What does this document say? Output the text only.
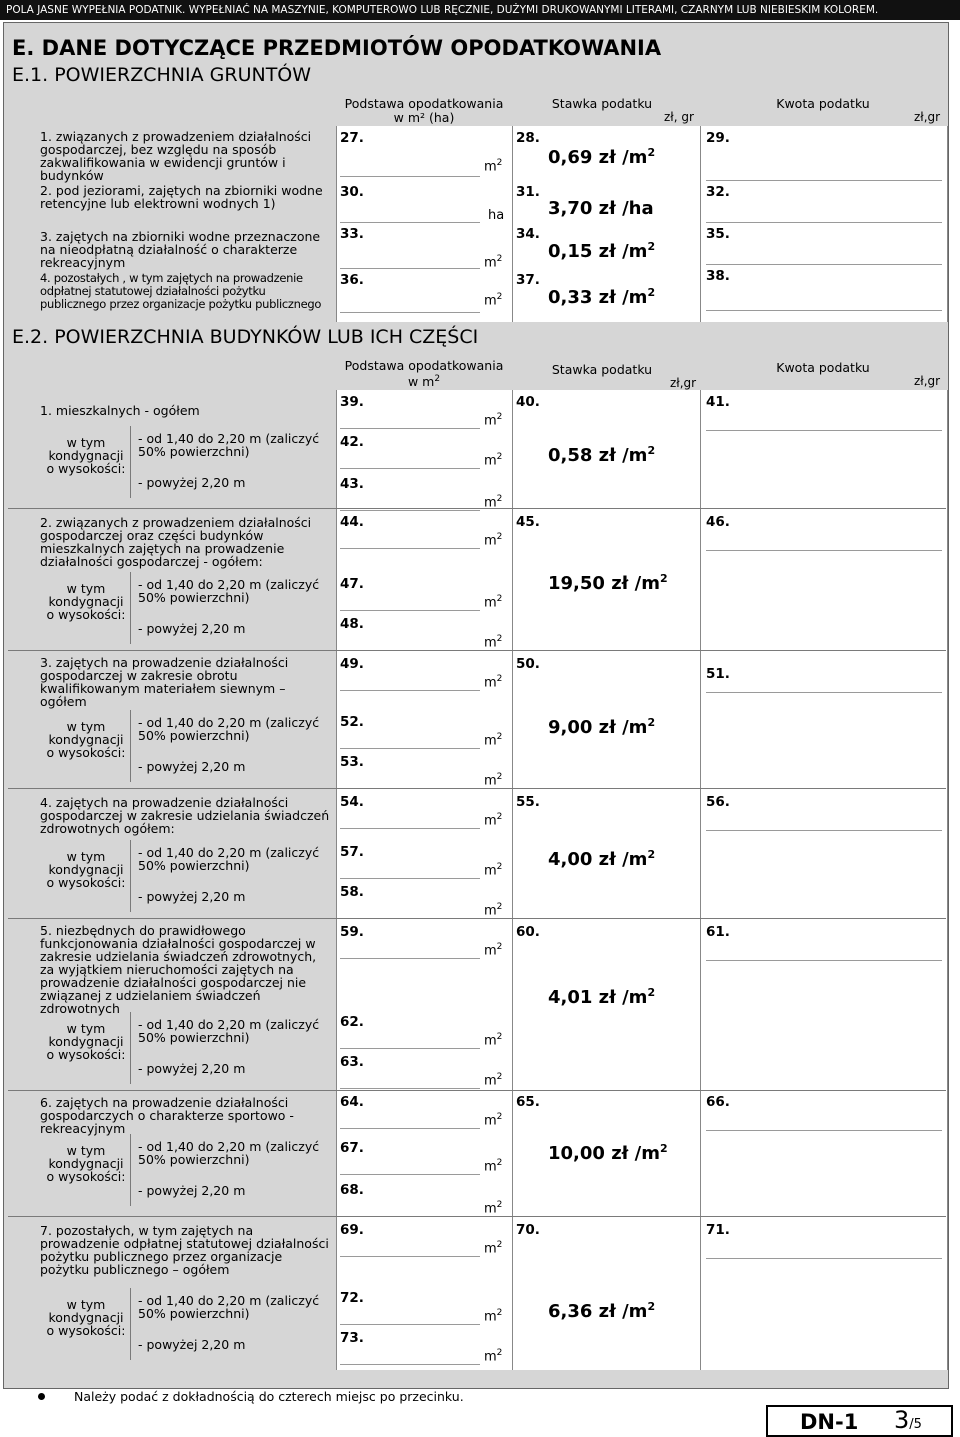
POLA JASNE WYPEŁNIA PODATNIK. WYPEŁNIAĆ NA MASZYNIE, KOMPUTEROWO LUB RĘCZNIE, DUŻYMI DRUKOWANYMI LITERAMI, CZARNYM LUB NIEBIESKIM KOLOREM.
E. DANE DOTYCZĄCE PRZEDMIOTÓW OPODATKOWANIA
E.1. POWIERZCHNIA GRUNTÓW
Podstawa opodatkowania
w m² (ha)
Stawka podatku
zł, gr
Kwota podatku
zł,gr
1. związanych z prowadzeniem działalności gospodarczej, bez względu na sposób zakwalifikowania w ewidencji gruntów i budynków
27.
$m^2$
28.
0,69 zł $/m^2$
29.
2. pod jeziorami, zajętych na zbiorniki wodne retencyjne lub elektrowni wodnych 1)
30.
ha
31.
3,70 zł /ha
32.
3. zajętych na zbiorniki wodne przeznaczone na nieodpłatną działalność o charakterze rekreacyjnym
33.
$m^2$
34.
0,15 zł $/m^2$
35.
4. pozostałych , w tym zajętych na prowadzenie odpłatnej statutowej działalności pożytku publicznego przez organizacje pożytku publicznego
36.
$m^2$
37.
0,33 zł $/m^2$
38.
E.2. POWIERZCHNIA BUDYNKÓW LUB ICH CZĘŚCI
Podstawa opodatkowania
w $m^2$
Stawka podatku
zł,gr
Kwota podatku
zł,gr
1. mieszkalnych - ogółem
w tym kondygnacji o wysokości:
- od 1,40 do 2,20 m (zaliczyć 50% powierzchni)
- powyżej 2,20 m
39.
$m^2$
42.
$m^2$
43.
$m^2$
40.
0,58 zł $/m^2$
41.
2. związanych z prowadzeniem działalności gospodarczej oraz części budynków mieszkalnych zajętych na prowadzenie działalności gospodarczej - ogółem:
w tym kondygnacji o wysokości:
- od 1,40 do 2,20 m (zaliczyć 50% powierzchni)
- powyżej 2,20 m
44.
$m^2$
47.
$m^2$
48.
$m^2$
45.
19,50 zł $/m^2$
46.
3. zajętych na prowadzenie działalności gospodarczej w zakresie obrotu kwalifikowanym materiałem siewnym – ogółem
w tym kondygnacji o wysokości:
- od 1,40 do 2,20 m (zaliczyć 50% powierzchni)
- powyżej 2,20 m
49.
$m^2$
52.
$m^2$
53.
$m^2$
50.
9,00 zł $/m^2$
51.
4. zajętych na prowadzenie działalności gospodarczej w zakresie udzielania świadczeń zdrowotnych ogółem:
w tym kondygnacji o wysokości:
- od 1,40 do 2,20 m (zaliczyć 50% powierzchni)
- powyżej 2,20 m
54.
$m^2$
57.
$m^2$
58.
$m^2$
55.
4,00 zł $/m^2$
56.
5. niezbędnych do prawidłowego funkcjonowania działalności gospodarczej w zakresie udzielania świadczeń zdrowotnych, za wyjątkiem nieruchomości zajętych na prowadzenie działalności gospodarczej nie związanej z udzielaniem świadczeń zdrowotnych
w tym kondygnacji o wysokości:
- od 1,40 do 2,20 m (zaliczyć 50% powierzchni)
- powyżej 2,20 m
59.
$m^2$
62.
$m^2$
63.
$m^2$
60.
4,01 zł $/m^2$
61.
6. zajętych na prowadzenie działalności gospodarczych o charakterze sportowo - rekreacyjnym
w tym kondygnacji o wysokości:
- od 1,40 do 2,20 m (zaliczyć 50% powierzchni)
- powyżej 2,20 m
64.
$m^2$
67.
$m^2$
68.
$m^2$
65.
10,00 zł $/m^2$
66.
7. pozostałych, w tym zajętych na prowadzenie odpłatnej statutowej działalności pożytku publicznego przez organizacje pożytku publicznego – ogółem
w tym kondygnacji o wysokości:
- od 1,40 do 2,20 m (zaliczyć 50% powierzchni)
- powyżej 2,20 m
69.
$m^2$
72.
$m^2$
73.
$m^2$
70.
6,36 zł $/m^2$
71.
Należy podać z dokładnością do czterech miejsc po przecinku.
DN-1 3/5
